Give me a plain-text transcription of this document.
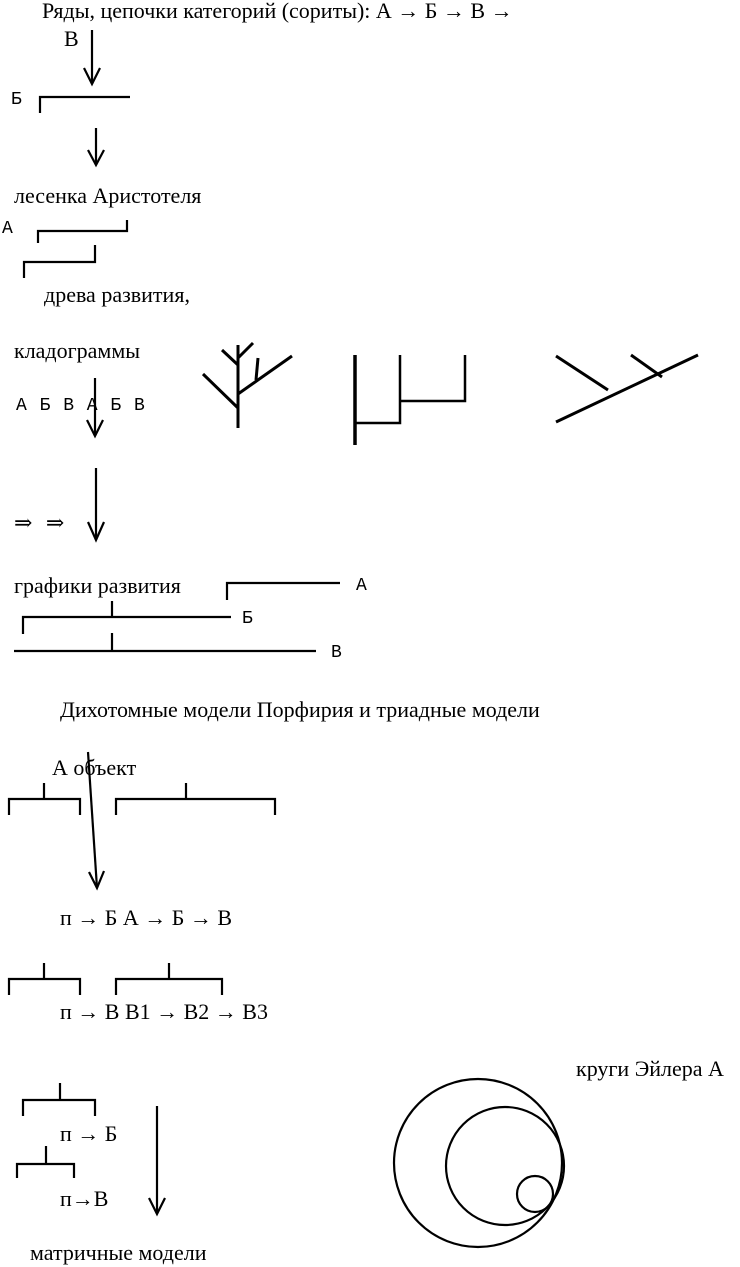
Ряды, цепочки категорий (сориты): А → Б → В →
В
Б
лесенка Аристотеля
А
древа развития,
кладограммы
А Б В А Б В
⇒ ⇒
графики развития	А
Б
В
Дихотомные модели Порфирия и триадные модели
А объект
п → Б А → Б → В
п → В В1 → В2 → В3
п → Б
п→В
круги Эйлера А
матричные модели
